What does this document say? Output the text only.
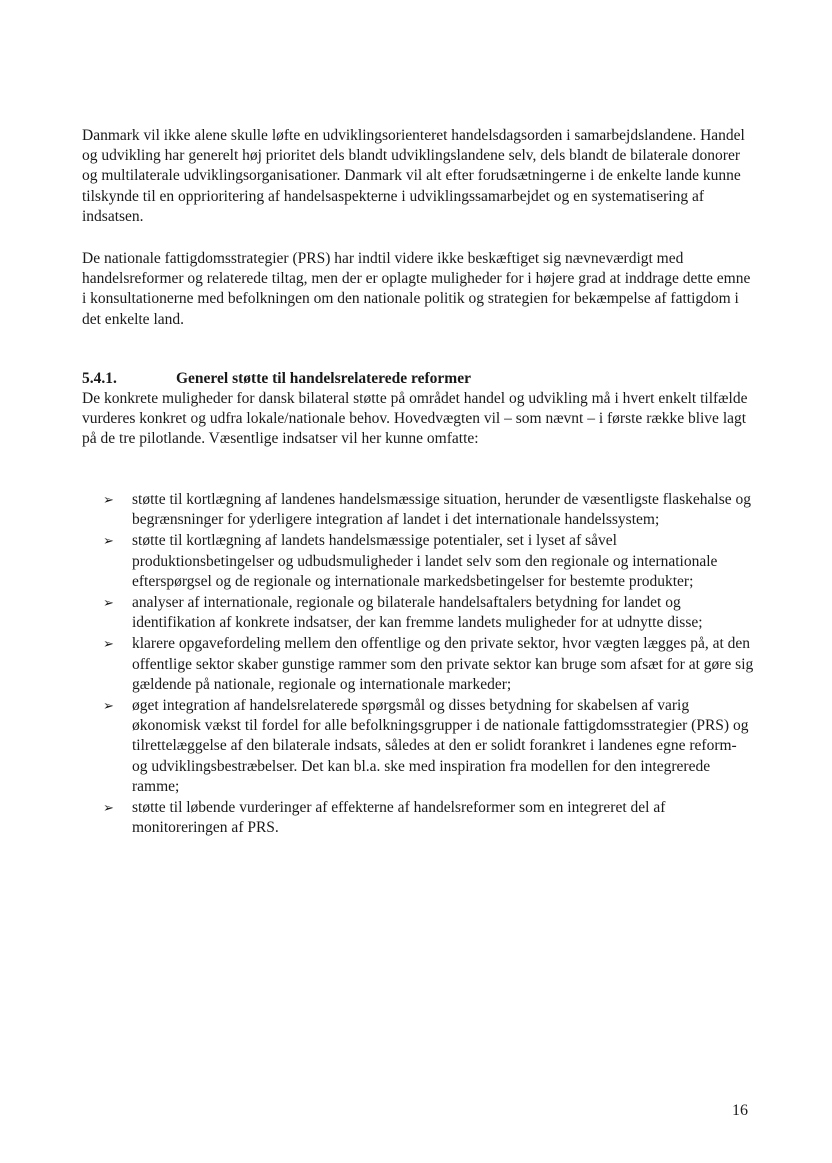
Danmark vil ikke alene skulle løfte en udviklingsorienteret handelsdagsorden i samarbejdslandene. Handel og udvikling har generelt høj prioritet dels blandt udviklingslandene selv, dels blandt de bilaterale donorer og multilaterale udviklingsorganisationer. Danmark vil alt efter forudsætningerne i de enkelte lande kunne tilskynde til en opprioritering af handelsaspekterne i udviklingssamarbejdet og en systematisering af indsatsen.

De nationale fattigdomsstrategier (PRS) har indtil videre ikke beskæftiget sig nævneværdigt med handelsreformer og relaterede tiltag, men der er oplagte muligheder for i højere grad at inddrage dette emne i konsultationerne med befolkningen om den nationale politik og strategien for bekæmpelse af fattigdom i det enkelte land.

5.4.1.	Generel støtte til handelsrelaterede reformer

De konkrete muligheder for dansk bilateral støtte på området handel og udvikling må i hvert enkelt tilfælde vurderes konkret og udfra lokale/nationale behov. Hovedvægten vil – som nævnt – i første række blive lagt på de tre pilotlande. Væsentlige indsatser vil her kunne omfatte:

➢ støtte til kortlægning af landenes handelsmæssige situation, herunder de væsentligste flaskehalse og begrænsninger for yderligere integration af landet i det internationale handelssystem;
➢ støtte til kortlægning af landets handelsmæssige potentialer, set i lyset af såvel produktionsbetingelser og udbudsmuligheder i landet selv som den regionale og internationale efterspørgsel og de regionale og internationale markedsbetingelser for bestemte produkter;
➢ analyser af internationale, regionale og bilaterale handelsaftalers betydning for landet og identifikation af konkrete indsatser, der kan fremme landets muligheder for at udnytte disse;
➢ klarere opgavefordeling mellem den offentlige og den private sektor, hvor vægten lægges på, at den offentlige sektor skaber gunstige rammer som den private sektor kan bruge som afsæt for at gøre sig gældende på nationale, regionale og internationale markeder;
➢ øget integration af handelsrelaterede spørgsmål og disses betydning for skabelsen af varig økonomisk vækst til fordel for alle befolkningsgrupper i de nationale fattigdomsstrategier (PRS) og tilrettelæggelse af den bilaterale indsats, således at den er solidt forankret i landenes egne reform- og udviklingsbestræbelser. Det kan bl.a. ske med inspiration fra modellen for den integrerede ramme;
➢ støtte til løbende vurderinger af effekterne af handelsreformer som en integreret del af monitoreringen af PRS.
16
